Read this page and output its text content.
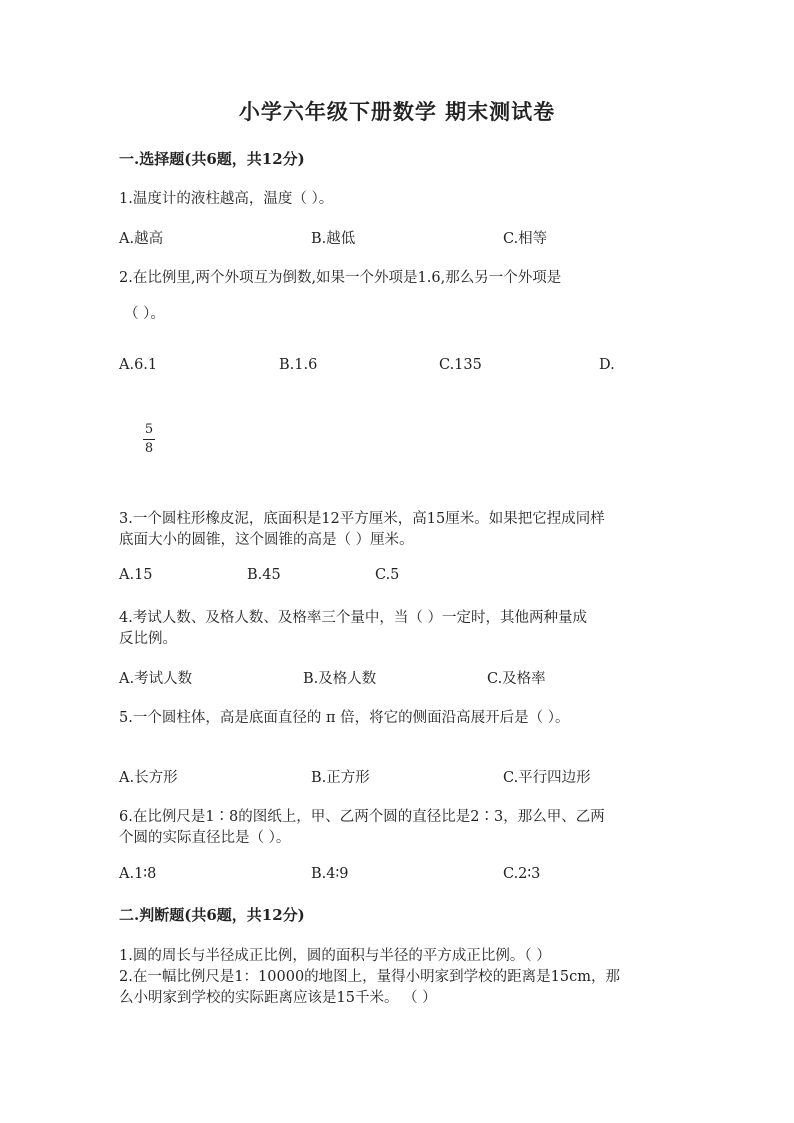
小学六年级下册数学 期末测试卷
一.选择题(共6题，共12分)
1.温度计的液柱越高，温度（ ）。
A.越高	B.越低	C.相等
2.在比例里,两个外项互为倒数,如果一个外项是1.6,那么另一个外项是
（ ）。
A.6.1	B.1.6	C.135	D.
5
8
3.一个圆柱形橡皮泥，底面积是12平方厘米，高15厘米。如果把它捏成同样
底面大小的圆锥，这个圆锥的高是（ ）厘米。
A.15	B.45	C.5
4.考试人数、及格人数、及格率三个量中，当（ ）一定时，其他两种量成
反比例。
A.考试人数	B.及格人数	C.及格率
5.一个圆柱体，高是底面直径的 π 倍，将它的侧面沿高展开后是（ ）。
A.长方形	B.正方形	C.平行四边形
6.在比例尺是1∶8的图纸上，甲、乙两个圆的直径比是2∶3，那么甲、乙两
个圆的实际直径比是（ ）。
A.1∶8	B.4∶9	C.2∶3
二.判断题(共6题，共12分)
1.圆的周长与半径成正比例，圆的面积与半径的平方成正比例。（ ）
2.在一幅比例尺是1：10000的地图上，量得小明家到学校的距离是15cm，那
么小明家到学校的实际距离应该是15千米。 （ ）
